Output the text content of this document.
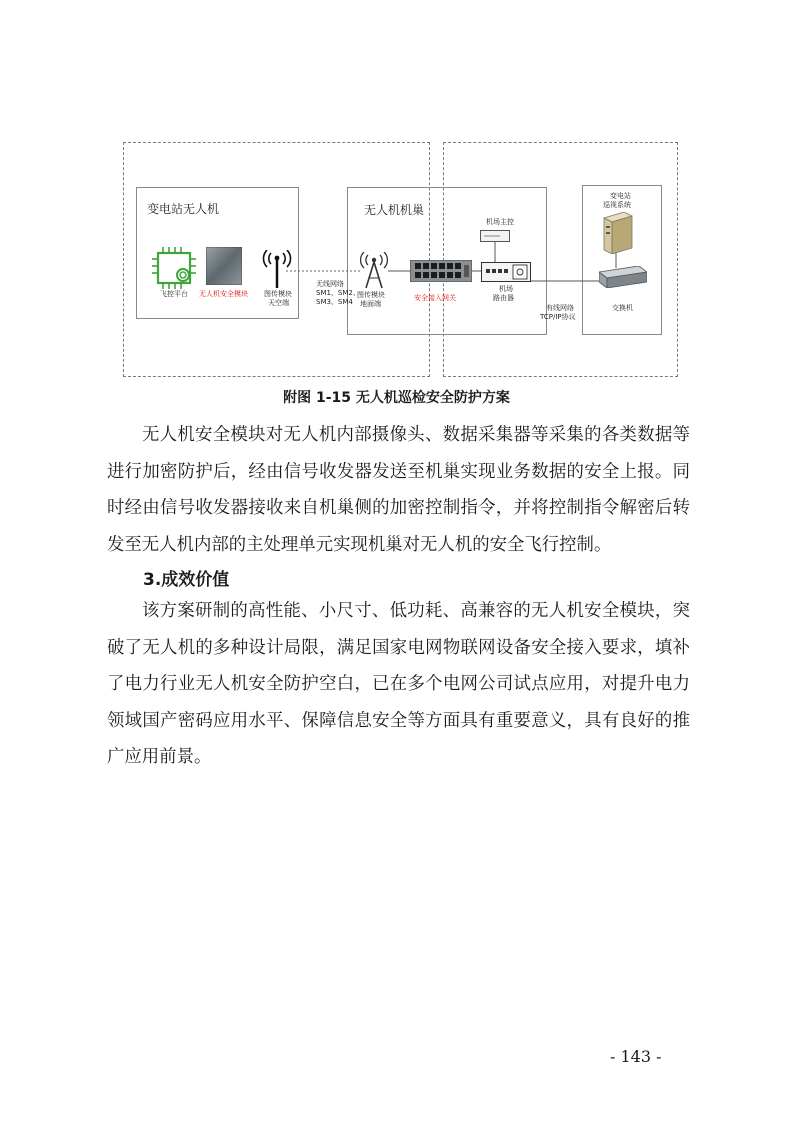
变电站无人机	无人机机巢
飞控平台 无人机安全模块 图传模块
天空端
无线网络
SM1、SM2、
SM3、SM4
图传模块
地面端
安全接入网关
机场主控
机场
路由器
有线网络
TCP/IP协议
变电站
巡视系统
交换机
附图 1-15 无人机巡检安全防护方案

无人机安全模块对无人机内部摄像头、数据采集器等采集的各类数据等进行加密防护后，经由信号收发器发送至机巢实现业务数据的安全上报。同时经由信号收发器接收来自机巢侧的加密控制指令，并将控制指令解密后转发至无人机内部的主处理单元实现机巢对无人机的安全飞行控制。

3.成效价值

该方案研制的高性能、小尺寸、低功耗、高兼容的无人机安全模块，突破了无人机的多种设计局限，满足国家电网物联网设备安全接入要求，填补了电力行业无人机安全防护空白，已在多个电网公司试点应用，对提升电力领域国产密码应用水平、保障信息安全等方面具有重要意义，具有良好的推广应用前景。

- 143 -
